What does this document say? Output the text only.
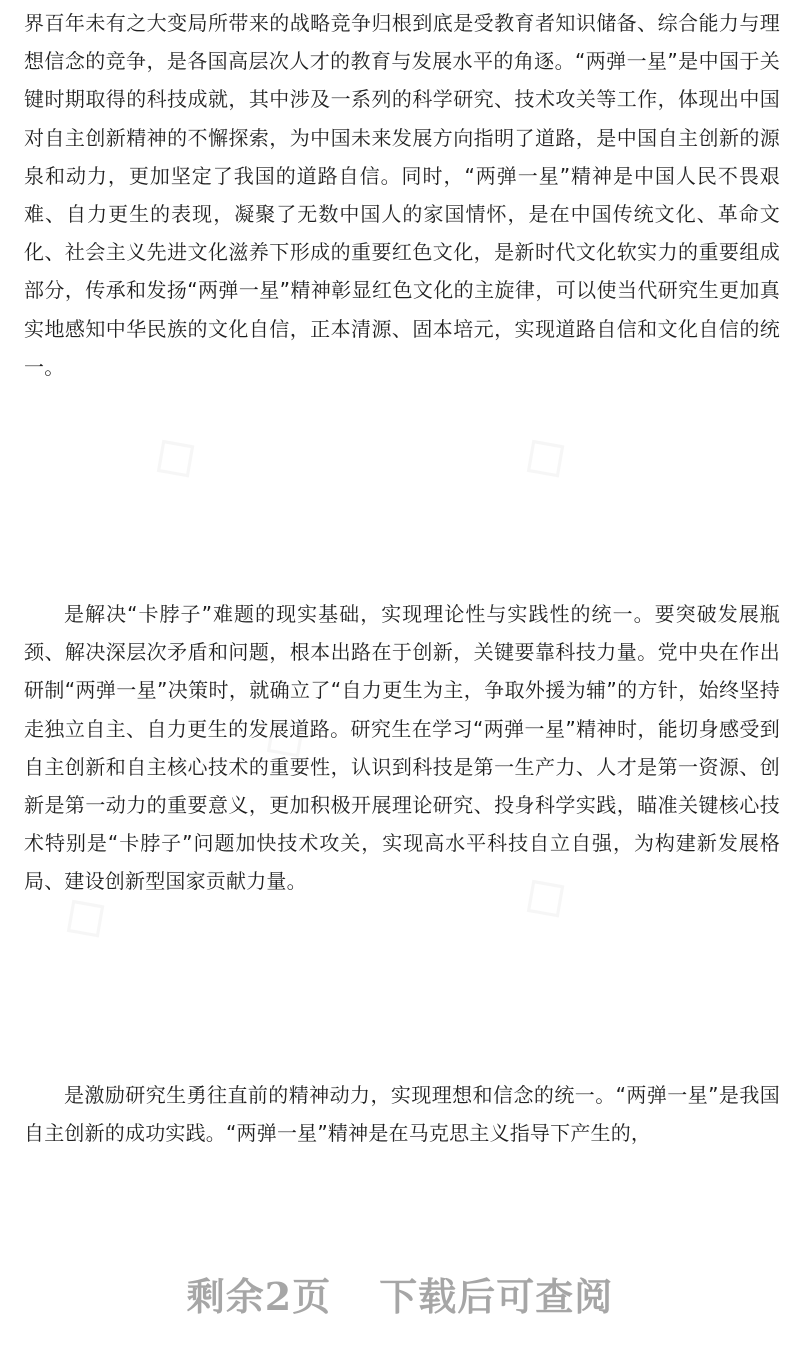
◇	◇
◇
◇	◇

界百年未有之大变局所带来的战略竞争归根到底是受教育者知识储备、综合能力与理想信念的竞争，是各国高层次人才的教育与发展水平的角逐。“两弹一星”是中国于关键时期取得的科技成就，其中涉及一系列的科学研究、技术攻关等工作，体现出中国对自主创新精神的不懈探索，为中国未来发展方向指明了道路，是中国自主创新的源泉和动力，更加坚定了我国的道路自信。同时，“两弹一星”精神是中国人民不畏艰难、自力更生的表现，凝聚了无数中国人的家国情怀，是在中国传统文化、革命文化、社会主义先进文化滋养下形成的重要红色文化，是新时代文化软实力的重要组成部分，传承和发扬“两弹一星”精神彰显红色文化的主旋律，可以使当代研究生更加真实地感知中华民族的文化自信，正本清源、固本培元，实现道路自信和文化自信的统一。

是解决“卡脖子”难题的现实基础，实现理论性与实践性的统一。要突破发展瓶颈、解决深层次矛盾和问题，根本出路在于创新，关键要靠科技力量。党中央在作出研制“两弹一星”决策时，就确立了“自力更生为主，争取外援为辅”的方针，始终坚持走独立自主、自力更生的发展道路。研究生在学习“两弹一星”精神时，能切身感受到自主创新和自主核心技术的重要性，认识到科技是第一生产力、人才是第一资源、创新是第一动力的重要意义，更加积极开展理论研究、投身科学实践，瞄准关键核心技术特别是“卡脖子”问题加快技术攻关，实现高水平科技自立自强，为构建新发展格局、建设创新型国家贡献力量。

是激励研究生勇往直前的精神动力，实现理想和信念的统一。“两弹一星”是我国自主创新的成功实践。“两弹一星”精神是在马克思主义指导下产生的，

剩余2页 下载后可查阅
